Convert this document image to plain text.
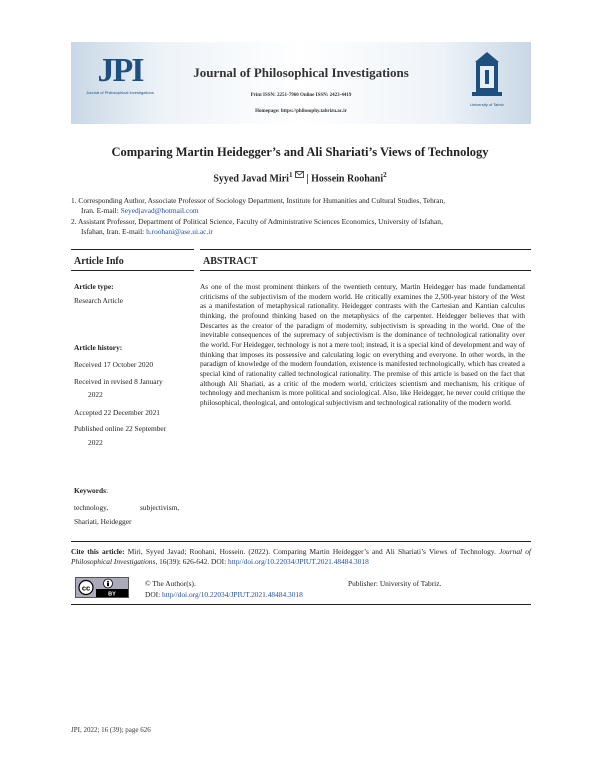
JPI
Journal of Philosophical Investigations
Journal of Philosophical Investigations
Print ISSN: 2251-7960 Online ISSN: 2423-4419
Homepage: https://philosophy.tabrizu.ac.ir
University of Tabriz
Comparing Martin Heidegger’s and Ali Shariati’s Views of Technology
Syyed Javad Miri$^1$  | Hossein Roohani$^2$
1. Corresponding Author, Associate Professor of Sociology Department, Institute for Humanities and Cultural Studies, Tehran,
Iran. E-mail: Seyedjavad@hotmail.com
2. Assistant Professor, Department of Political Science, Faculty of Administrative Sciences Economics, University of Isfahan,
Isfahan, Iran. E-mail: h.roohani@ase.ui.ac.ir
Article Info	ABSTRACT
Article type:
Research Article
Article history:
Received 17 October 2020
Received in revised 8 January
2022
Accepted 22 December 2021
Published online 22 September
2022
Keywords:
technology,	subjectivism,
Shariati, Heidegger
As one of the most prominent thinkers of the twentieth century, Martin Heidegger has made fundamental criticisms of the subjectivism of the modern world. He critically examines the 2,500-year history of the West as a manifestation of metaphysical rationality. Heidegger contrasts with the Cartesian and Kantian calculus thinking, the profound thinking based on the metaphysics of the carpenter. Heidegger believes that with Descartes as the creator of the paradigm of modernity, subjectivism is spreading in the world. One of the inevitable consequences of the supremacy of subjectivism is the dominance of technological rationality over the world. For Heidegger, technology is not a mere tool; instead, it is a special kind of development and way of thinking that imposes its possessive and calculating logic on everything and everyone. In other words, in the paradigm of knowledge of the modern foundation, existence is manifested technologically, which has created a special kind of rationality called technological rationality. The premise of this article is based on the fact that although Ali Shariati, as a critic of the modern world, criticizes scientism and mechanism, his critique of technology and mechanism is more political and sociological. Also, like Heidegger, he never could critique the philosophical, theological, and ontological subjectivism and technological rationality of the modern world.
Cite this article: Miri, Syyed Javad; Roohani, Hossein. (2022). Comparing Martin Heidegger’s and Ali Shariati’s Views of Technology. Journal of Philosophical Investigations, 16(39): 626-642. DOI: http//doi.org/10.22034/JPIUT.2021.48484.3018
cc
BY
© The Author(s).	Publisher: University of Tabriz.
DOI: http//doi.org/10.22034/JPIUT.2021.48484.3018
JPI, 2022; 16 (39); page 626
